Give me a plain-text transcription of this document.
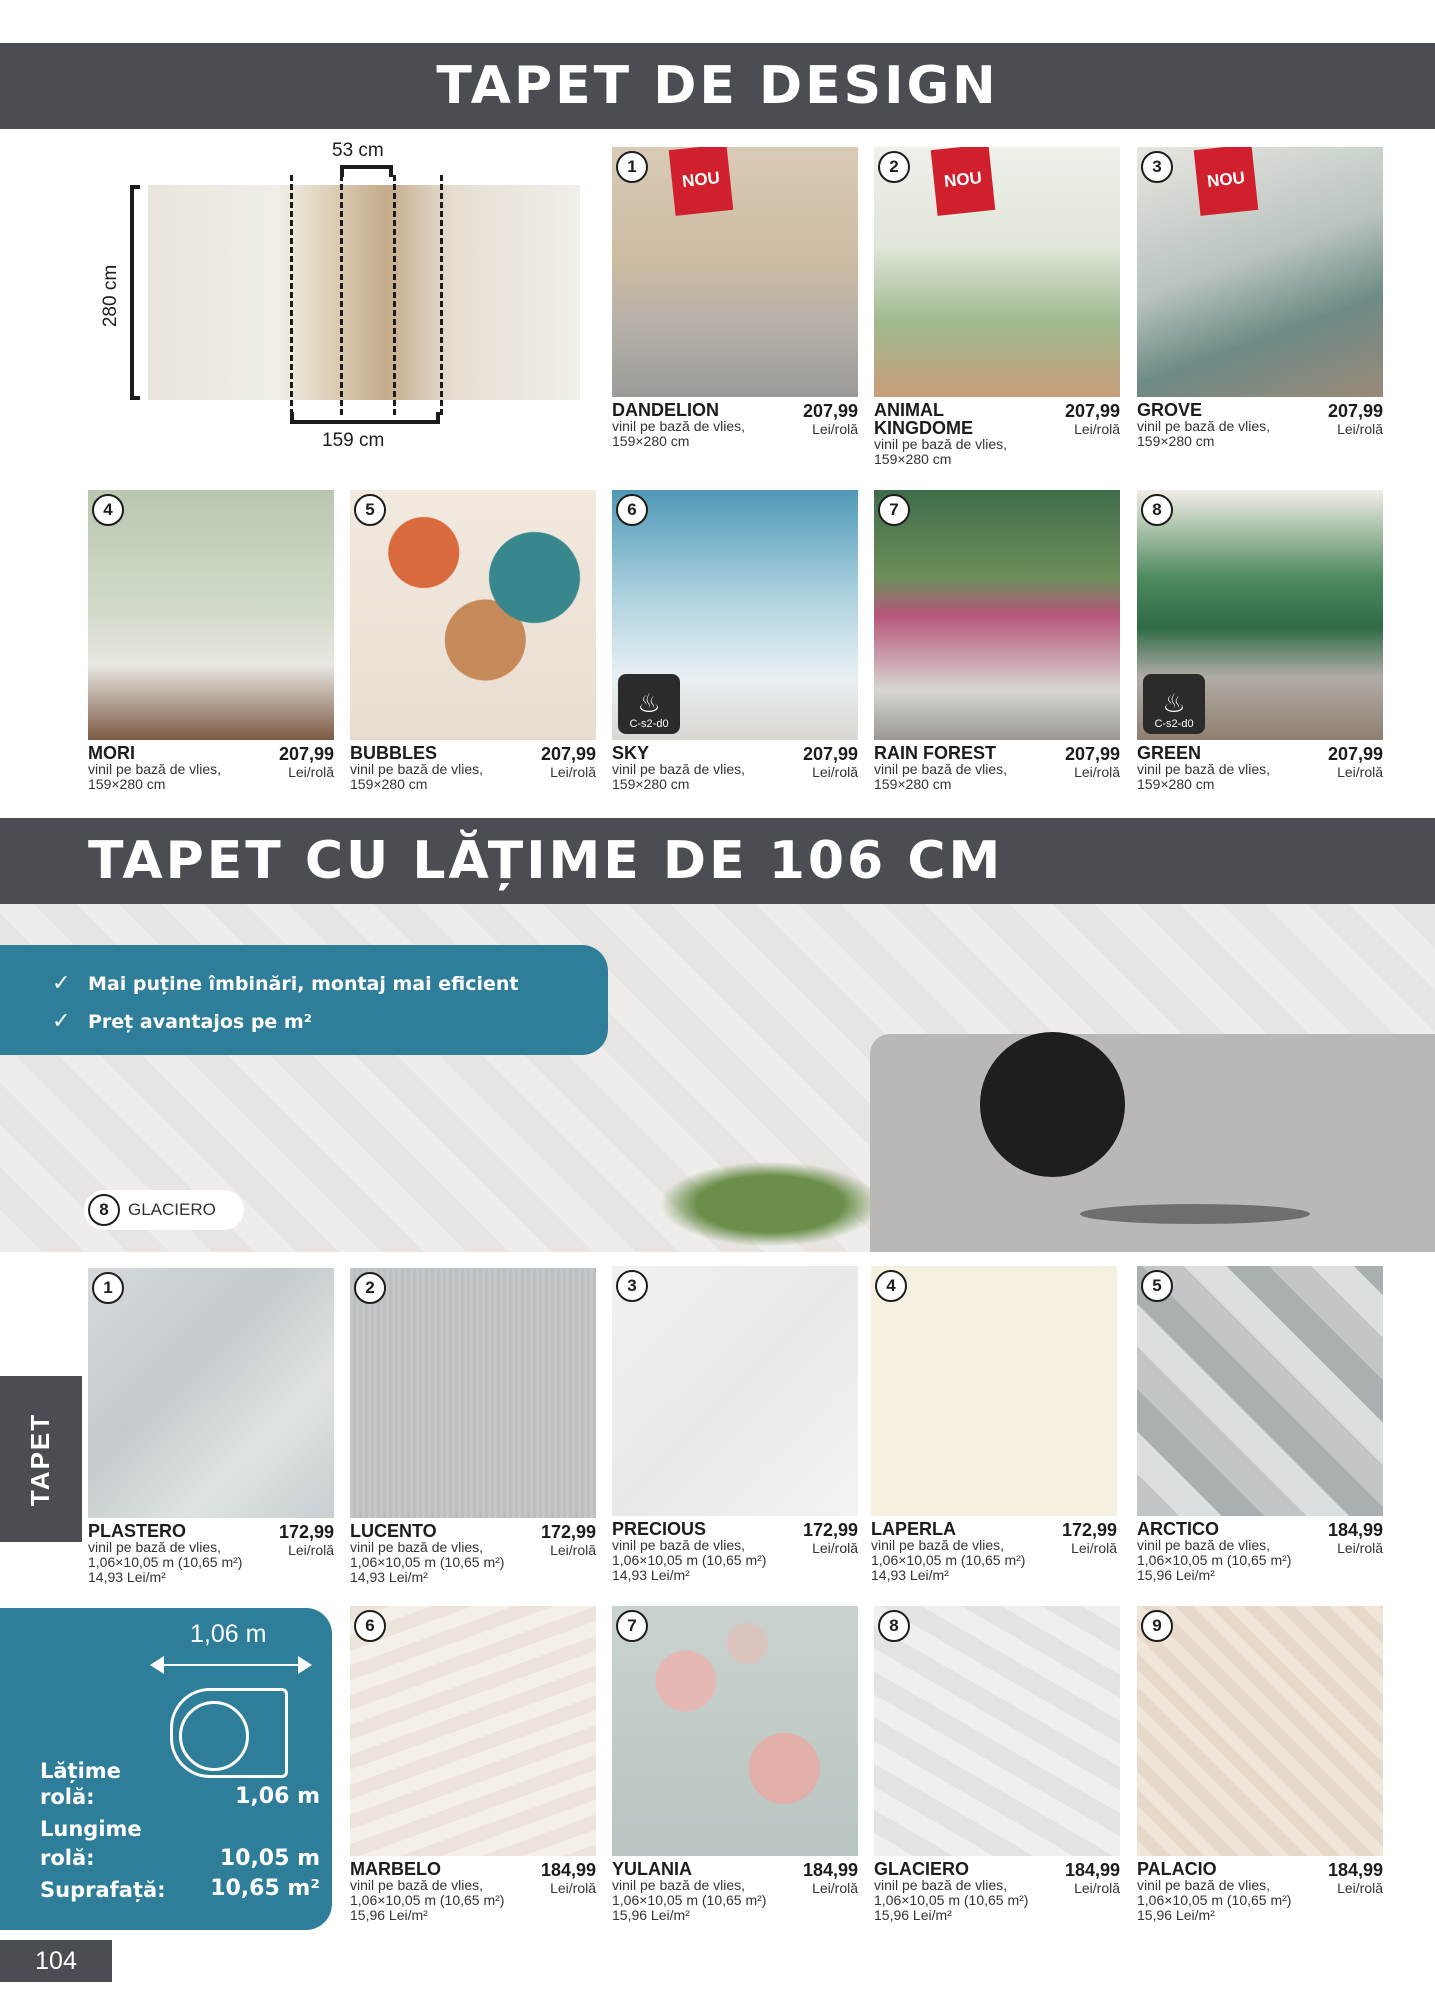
TAPET DE DESIGN
53 cm
159 cm
280 cm
1
NOU
DANDELION
vinil pe bază de vlies,
159×280 cm
207,99
Lei/rolă
2
NOU
ANIMAL KINGDOME
vinil pe bază de vlies,
159×280 cm
207,99
Lei/rolă
3
NOU
GROVE
vinil pe bază de vlies,
159×280 cm
207,99
Lei/rolă
4
MORI
vinil pe bază de vlies,
159×280 cm
207,99
Lei/rolă
5
BUBBLES
vinil pe bază de vlies,
159×280 cm
207,99
Lei/rolă
6
♨
C-s2-d0
SKY
vinil pe bază de vlies,
159×280 cm
207,99
Lei/rolă
7
RAIN FOREST
vinil pe bază de vlies,
159×280 cm
207,99
Lei/rolă
8
♨
C-s2-d0
GREEN
vinil pe bază de vlies,
159×280 cm
207,99
Lei/rolă
TAPET CU LĂȚIME DE 106 CM
✓ Mai puține îmbinări, montaj mai eficient
✓ Preț avantajos pe m²
8	GLACIERO
1
PLASTERO
vinil pe bază de vlies,
1,06×10,05 m (10,65 m²)
14,93 Lei/m²
172,99
Lei/rolă
2
LUCENTO
vinil pe bază de vlies,
1,06×10,05 m (10,65 m²)
14,93 Lei/m²
172,99
Lei/rolă
3
PRECIOUS
vinil pe bază de vlies,
1,06×10,05 m (10,65 m²)
14,93 Lei/m²
172,99
Lei/rolă
4
LAPERLA
vinil pe bază de vlies,
1,06×10,05 m (10,65 m²)
14,93 Lei/m²
172,99
Lei/rolă
5
ARCTICO
vinil pe bază de vlies,
1,06×10,05 m (10,65 m²)
15,96 Lei/m²
184,99
Lei/rolă
TAPET
1,06 m
Lățime rolă:	1,06 m
Lungime rolă:	10,05 m
Suprafață: 10,65 m²
6
MARBELO
vinil pe bază de vlies,
1,06×10,05 m (10,65 m²)
15,96 Lei/m²
184,99
Lei/rolă
7
YULANIA
vinil pe bază de vlies,
1,06×10,05 m (10,65 m²)
15,96 Lei/m²
184,99
Lei/rolă
8
GLACIERO
vinil pe bază de vlies,
1,06×10,05 m (10,65 m²)
15,96 Lei/m²
184,99
Lei/rolă
9
PALACIO
vinil pe bază de vlies,
1,06×10,05 m (10,65 m²)
15,96 Lei/m²
184,99
Lei/rolă
104
